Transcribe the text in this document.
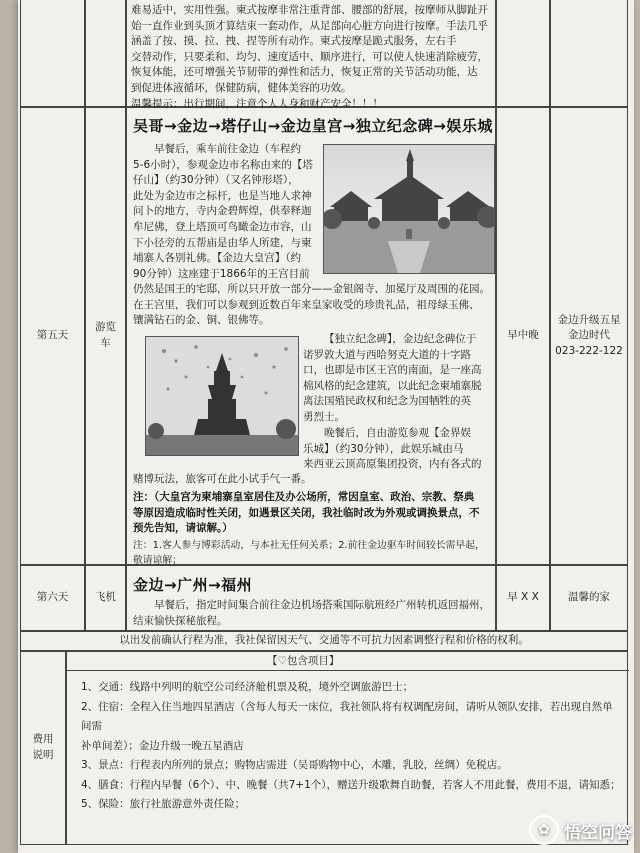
难易适中，实用性强。柬式按摩非常注重背部、腰部的舒展，按摩师从脚趾开
始一直作业到头顶才算结束一套动作，从足部向心脏方向进行按摩。手法几乎
涵盖了按、摸、拉、拽、捏等所有动作。柬式按摩是跪式服务，左右手
交替动作，只要柔和、均匀、速度适中、顺序进行，可以使人快速消除疲劳，
恢复体能，还可增强关节韧带的弹性和活力，恢复正常的关节活动功能，达
到促进体液循环，保健防病，健体美容的功效。
温馨提示：出行期间，注意个人人身和财产安全！！！
第五天
游览车
吴哥→金边→塔仔山→金边皇宫→独立纪念碑→娱乐城
早餐后，乘车前往金边（车程约
5-6小时），参观金边市名称由来的【塔
仔山】（约30分钟）（又名钟形塔），
此处为金边市之标杆，也是当地人求神
问卜的地方，寺内金碧辉煌，供奉释迦
牟尼佛，登上塔顶可鸟瞰金边市容，山
下小径旁的五帮庙是由华人所建，与柬
埔寨人各别礼佛。【金边大皇宫】（约
90分钟）这座建于1866年的王宫目前
仍然是国王的宅邸，所以只开放一部分——金银阁寺、加冕厅及周围的花园。
在王宫里，我们可以参观到近数百年来皇家收受的珍贵礼品，祖母绿玉佛、
镶满钻石的金、铜、银佛等。
【独立纪念碑】，金边纪念碑位于
诺罗敦大道与西哈努克大道的十字路
口，也即是市区王宫的南面，是一座高
棉风格的纪念建筑，以此纪念柬埔寨脱
离法国殖民政权和纪念为国牺牲的英
勇烈士。
晚餐后，自由游览参观【金界娱
乐城】（约30分钟），此娱乐城由马
来西亚云顶高原集团投资，内有各式的
赌博玩法，旅客可在此小试手气一番。
注：（大皇宫为柬埔寨皇室居住及办公场所，常因皇室、政治、宗教、祭典
等原因造成临时性关闭，如遇景区关闭，我社临时改为外观或调换景点，不
预先告知，请谅解。）
注：1.客人参与博彩活动，与本社无任何关系；2.前往金边驱车时间较长需早起，
敬请谅解；
早中晚
金边升级五星
金边时代
023-222-122
第六天	飞机
金边→广州→福州
早餐后，指定时间集合前往金边机场搭乘国际航班经广州转机返回福州，
结束愉快探秘旅程。
早 X X	温馨的家
以出发前确认行程为准，我社保留因天气、交通等不可抗力因素调整行程和价格的权利。
费用
说明
【♡包含项目】
1、交通：线路中列明的航空公司经济舱机票及税，境外空调旅游巴士；
2、住宿：全程入住当地四星酒店（含每人每天一床位，我社领队将有权调配房间，请听从领队安排，若出现自然单间需
补单间差）；金边升级一晚五星酒店
3、景点：行程表内所列的景点；购物店需进（吴哥购物中心，木雕，乳胶，丝绸）免税店。
4、膳食：行程内早餐（6个）、中、晚餐（共7+1个），赠送升级歌舞自助餐，若客人不用此餐，费用不退，请知悉；
5、保险：旅行社旅游意外责任险；
✿ 悟空问答
